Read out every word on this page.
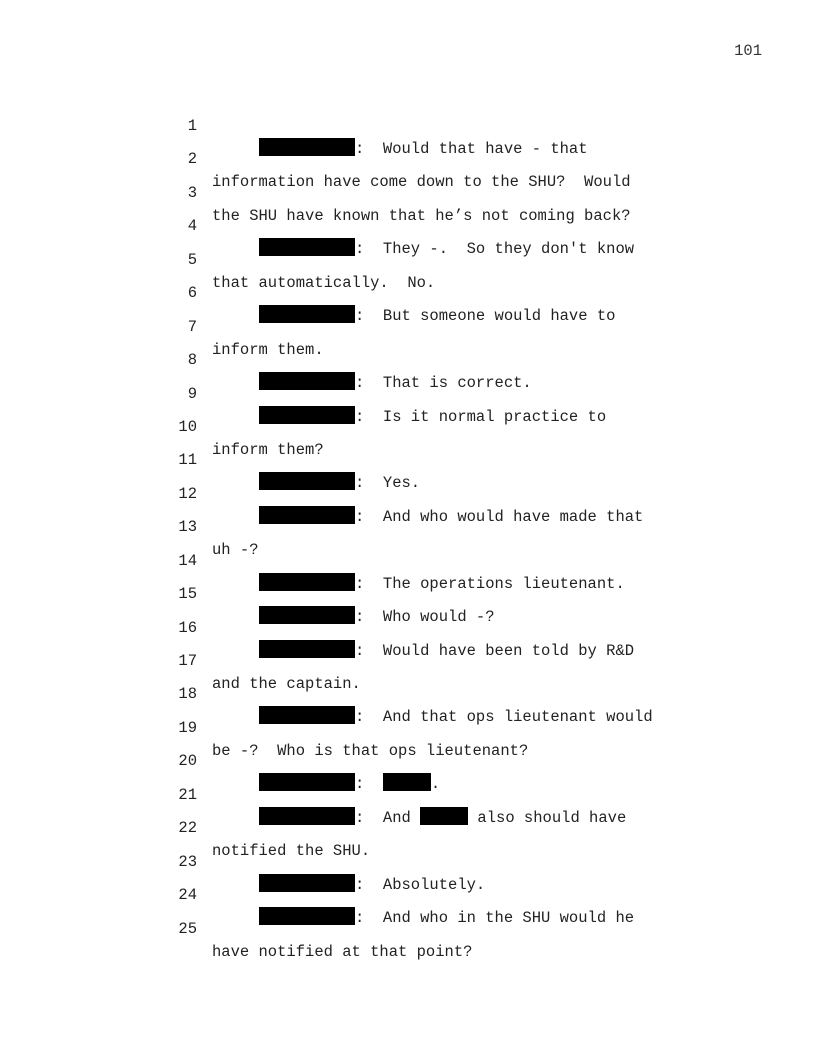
101

1

:  Would that have - that

2

information have come down to the SHU?  Would

3

the SHU have known that he’s not coming back?

4

:  They -.  So they don't know

5

that automatically.  No.

6

:  But someone would have to

7

inform them.

8

:  That is correct.

9

:  Is it normal practice to

10

inform them?

11

:  Yes.

12

:  And who would have made that

13

uh -?

14

:  The operations lieutenant.

15

:  Who would -?

16

:  Would have been told by R&D

17

and the captain.

18

:  And that ops lieutenant would

19

be -?  Who is that ops lieutenant?

20

:	.

21

:  And	also should have

22

notified the SHU.

23

:  Absolutely.

24

:  And who in the SHU would he

25

have notified at that point?
